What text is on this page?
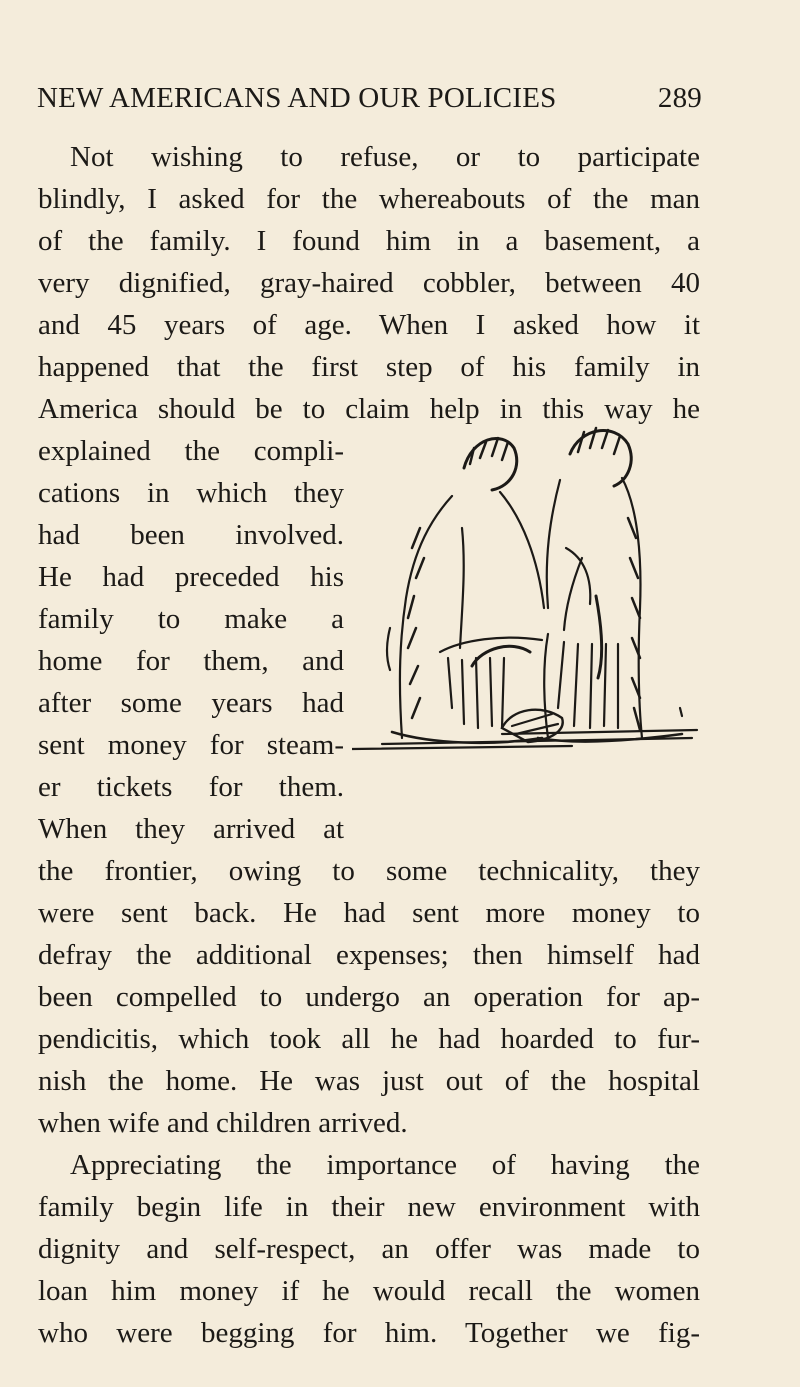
NEW AMERICANS AND OUR POLICIES	289
Not wishing to refuse, or to participate
blindly, I asked for the whereabouts of the man
of the family. I found him in a basement, a
very dignified, gray-haired cobbler, between 40
and 45 years of age. When I asked how it
happened that the first step of his family in
America should be to claim help in this way he
explained the compli-
cations in which they
had been involved.
He had preceded his
family to make a
home for them, and
after some years had
sent money for steam-
er tickets for them.
When they arrived at
the frontier, owing to some technicality, they
were sent back. He had sent more money to
defray the additional expenses; then himself had
been compelled to undergo an operation for ap-
pendicitis, which took all he had hoarded to fur-
nish the home. He was just out of the hospital
when wife and children arrived.
Appreciating the importance of having the
family begin life in their new environment with
dignity and self-respect, an offer was made to
loan him money if he would recall the women
who were begging for him. Together we fig-
